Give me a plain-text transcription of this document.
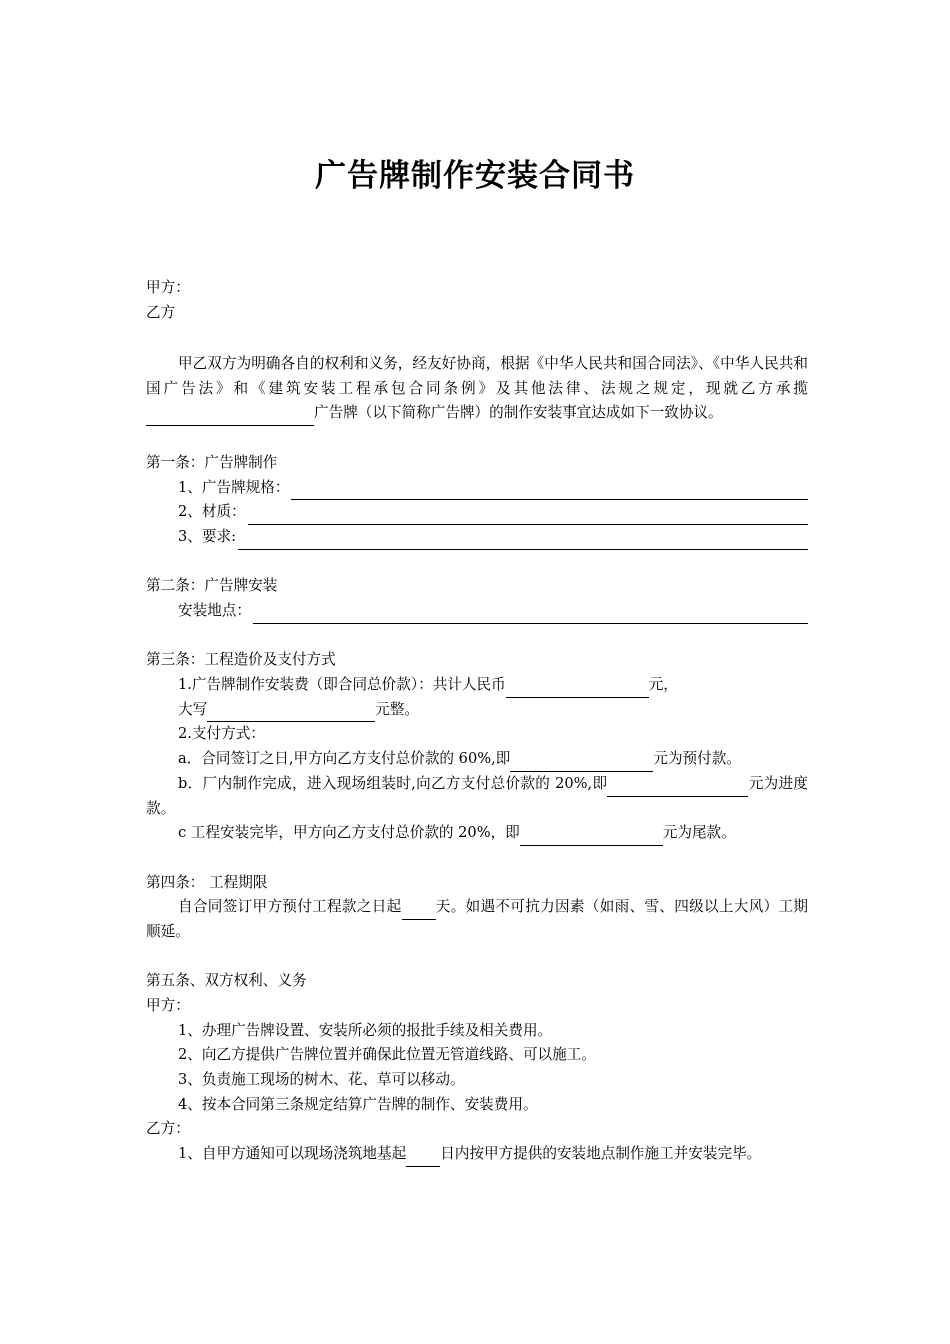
广告牌制作安装合同书
甲方：
乙方
甲乙双方为明确各自的权利和义务，经友好协商，根据《中华人民共和国合同法》、《中华人民共和国广告法》和《建筑安装工程承包合同条例》及其他法律、法规之规定，现就乙方承揽广告牌（以下简称广告牌）的制作安装事宜达成如下一致协议。
第一条：广告牌制作
1、广告牌规格：
2、材质：
3、要求:
第二条：广告牌安装
安装地点：
第三条：工程造价及支付方式
1.广告牌制作安装费（即合同总价款）：共计人民币	元，
大写	元整。
2.支付方式：
a．合同签订之日,甲方向乙方支付总价款的 60%,即	元为预付款。
b．厂内制作完成，进入现场组装时,向乙方支付总价款的 20%,即	元为进度款。
c 工程安装完毕，甲方向乙方支付总价款的 20%，即	元为尾款。
第四条： 工程期限
自合同签订甲方预付工程款之日起 天。如遇不可抗力因素（如雨、雪、四级以上大风）工期顺延。
第五条、双方权利、义务
甲方：
1、办理广告牌设置、安装所必须的报批手续及相关费用。
2、向乙方提供广告牌位置并确保此位置无管道线路、可以施工。
3、负责施工现场的树木、花、草可以移动。
4、按本合同第三条规定结算广告牌的制作、安装费用。
乙方：
1、自甲方通知可以现场浇筑地基起 日内按甲方提供的安装地点制作施工并安装完毕。
